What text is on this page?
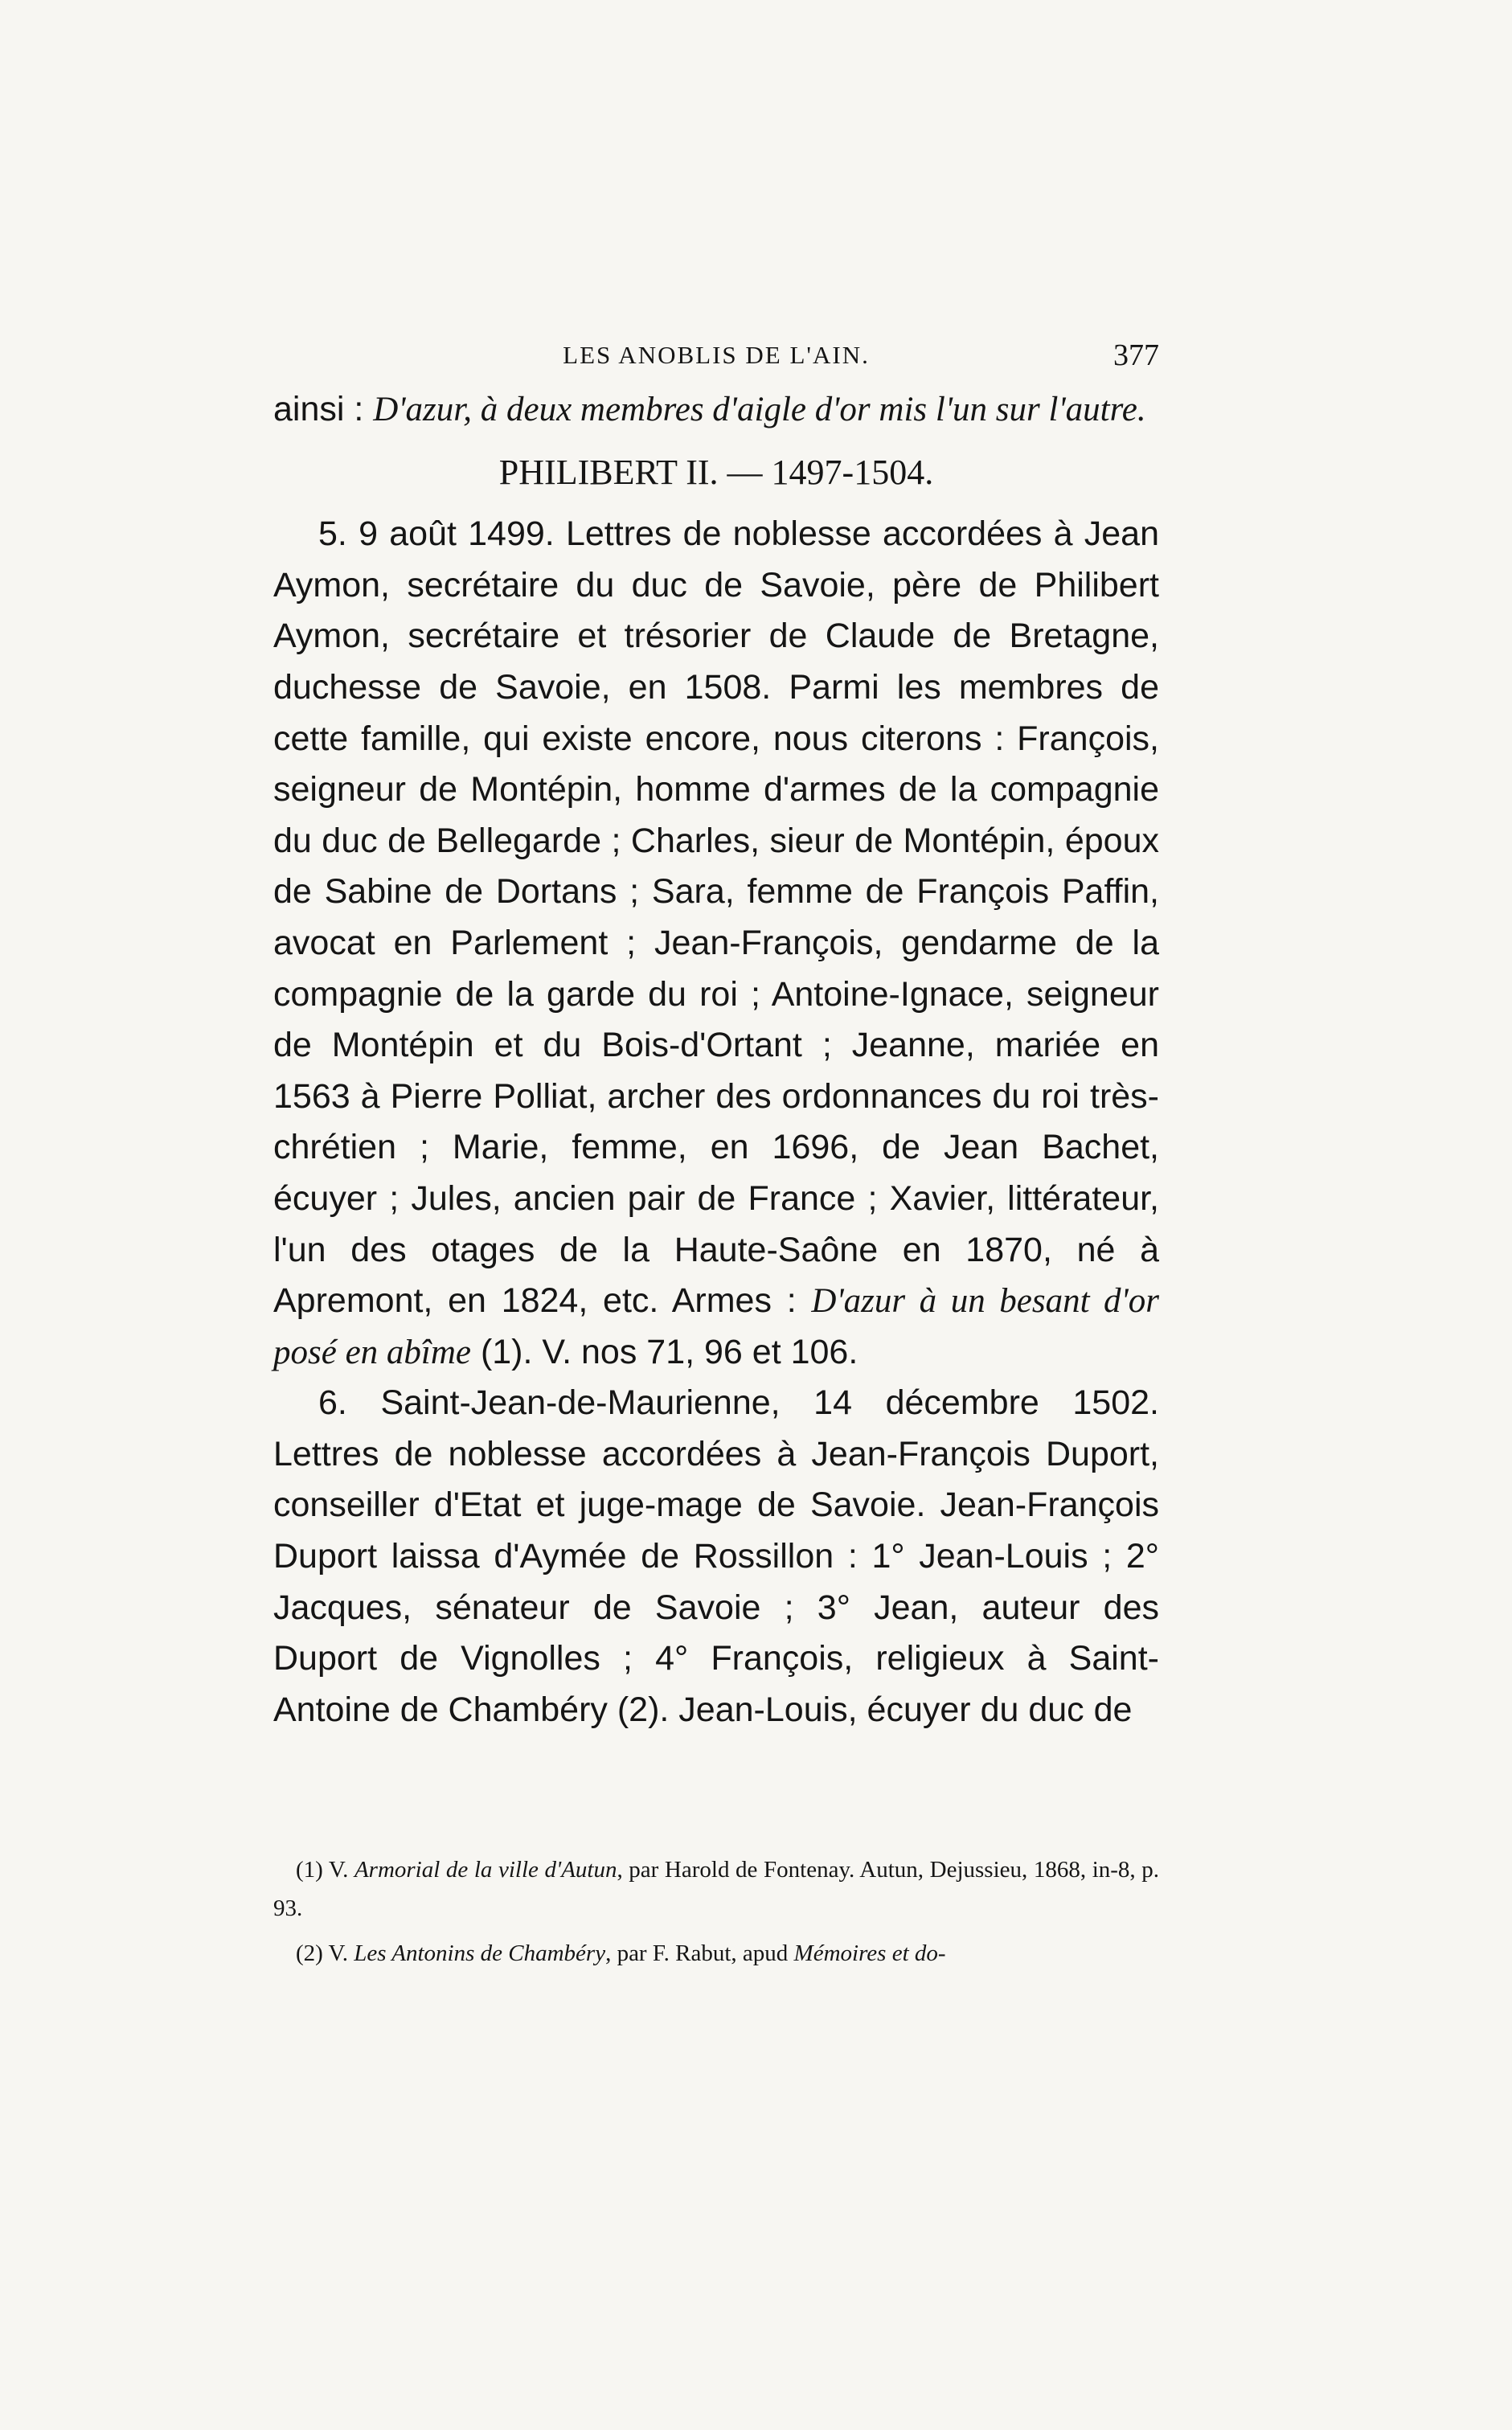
LES ANOBLIS DE L'AIN.	377

ainsi : D'azur, à deux membres d'aigle d'or mis l'un sur l'autre.

PHILIBERT II. — 1497-1504.

5. 9 août 1499. Lettres de noblesse accordées à Jean Aymon, secrétaire du duc de Savoie, père de Philibert Aymon, secrétaire et trésorier de Claude de Bretagne, duchesse de Savoie, en 1508. Parmi les membres de cette famille, qui existe encore, nous citerons : François, seigneur de Montépin, homme d'armes de la compagnie du duc de Bellegarde ; Charles, sieur de Montépin, époux de Sabine de Dortans ; Sara, femme de François Paffin, avocat en Parlement ; Jean-François, gendarme de la compagnie de la garde du roi ; Antoine-Ignace, seigneur de Montépin et du Bois-d'Ortant ; Jeanne, mariée en 1563 à Pierre Polliat, archer des ordonnances du roi très-chrétien ; Marie, femme, en 1696, de Jean Bachet, écuyer ; Jules, ancien pair de France ; Xavier, littérateur, l'un des otages de la Haute-Saône en 1870, né à Apremont, en 1824, etc. Armes : D'azur à un besant d'or posé en abîme (1). V. nos 71, 96 et 106.

6. Saint-Jean-de-Maurienne, 14 décembre 1502. Lettres de noblesse accordées à Jean-François Duport, conseiller d'Etat et juge-mage de Savoie. Jean-François Duport laissa d'Aymée de Rossillon : 1° Jean-Louis ; 2° Jacques, sénateur de Savoie ; 3° Jean, auteur des Duport de Vignolles ; 4° François, religieux à Saint-Antoine de Chambéry (2). Jean-Louis, écuyer du duc de

(1) V. Armorial de la ville d'Autun, par Harold de Fontenay. Autun, Dejussieu, 1868, in-8, p. 93.

(2) V. Les Antonins de Chambéry, par F. Rabut, apud Mémoires et do-
